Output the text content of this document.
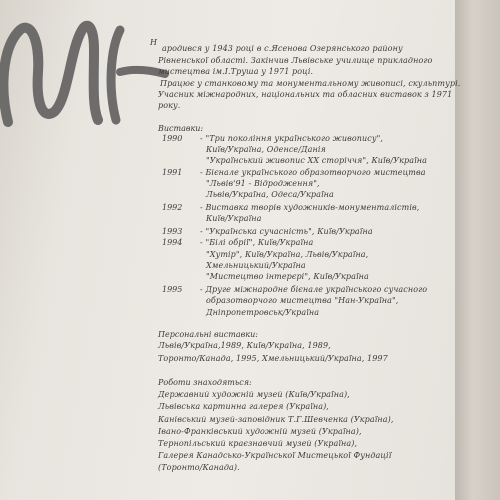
Н
ародився у 1943 році в с.Ясенова Озерянського району
Рівненської області. Закінчив Львівське училище прикладного
мистецтва ім.І.Труша у 1971 році.
Працює у станковому та монументальному живописі, скульптурі.
Учасник міжнародних, національних та обласних виставок з 1971
року.
Виставки:
1990 - "Три покоління українського живопису",
Київ/Україна, Оденсе/Данія
"Український живопис XX сторіччя", Київ/Україна
1991 - Бієнале українського образотворчого мистецтва
"Львів'91 - Відродження",
Львів/Україна, Одеса/Україна
1992 - Виставка творів художників-монументалістів,
Київ/Україна
1993 - "Українська сучасність", Київ/Україна
1994 - "Білі обрії", Київ/Україна
"Хутір", Київ/Україна, Львів/Україна,
Хмельницький/Україна
"Мистецтво інтерєрі", Київ/Україна
1995 - Друге міжнародне бієнале українського сучасного
образотворчого мистецтва "Нан-Україна",
Дніпропетровськ/Україна
Персональні виставки:
Львів/Україна,1989, Київ/Україна, 1989,
Торонто/Канада, 1995, Хмельницький/Україна, 1997
Роботи знаходяться:
Державний художній музей (Київ/Україна),
Львівська картинна галерея (Україна),
Канівський музей-заповідник Т.Г.Шевченка (Україна),
Івано-Франківський художній музей (Україна),
Тернопільський краєзнавчий музей (Україна),
Галерея Канадсько-Української Мистецької Фундації
(Торонто/Канада).
